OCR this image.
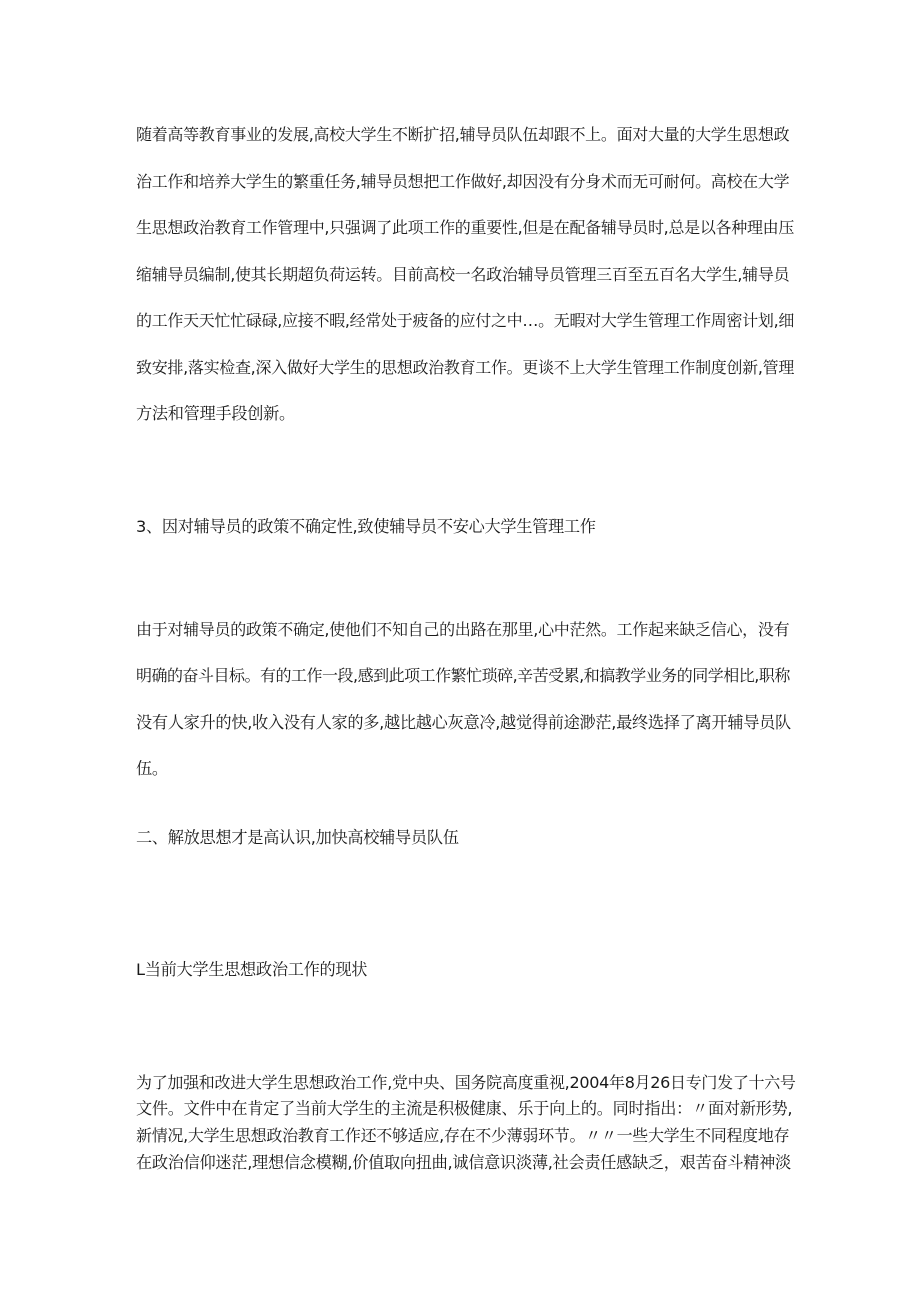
随着高等教育事业的发展,高校大学生不断扩招,辅导员队伍却跟不上。面对大量的大学生思想政
治工作和培养大学生的繁重任务,辅导员想把工作做好,却因没有分身术而无可耐何。高校在大学
生思想政治教育工作管理中,只强调了此项工作的重要性,但是在配备辅导员时,总是以各种理由压
缩辅导员编制,使其长期超负荷运转。目前高校一名政治辅导员管理三百至五百名大学生,辅导员
的工作天天忙忙碌碌,应接不暇,经常处于疲备的应付之中…。无暇对大学生管理工作周密计划,细
致安排,落实检查,深入做好大学生的思想政治教育工作。更谈不上大学生管理工作制度创新,管理
方法和管理手段创新。
3、因对辅导员的政策不确定性,致使辅导员不安心大学生管理工作
由于对辅导员的政策不确定,使他们不知自己的出路在那里,心中茫然。工作起来缺乏信心，没有
明确的奋斗目标。有的工作一段,感到此项工作繁忙琐碎,辛苦受累,和搞教学业务的同学相比,职称
没有人家升的快,收入没有人家的多,越比越心灰意冷,越觉得前途渺茫,最终选择了离开辅导员队
伍。
二、解放思想才是高认识,加快高校辅导员队伍
L当前大学生思想政治工作的现状
为了加强和改进大学生思想政治工作,党中央、国务院高度重视,2004年8月26日专门发了十六号
文件。文件中在肯定了当前大学生的主流是积极健康、乐于向上的。同时指出：〃面对新形势,
新情况,大学生思想政治教育工作还不够适应,存在不少薄弱环节。〃〃一些大学生不同程度地存
在政治信仰迷茫,理想信念模糊,价值取向扭曲,诚信意识淡薄,社会责任感缺乏，艰苦奋斗精神淡
